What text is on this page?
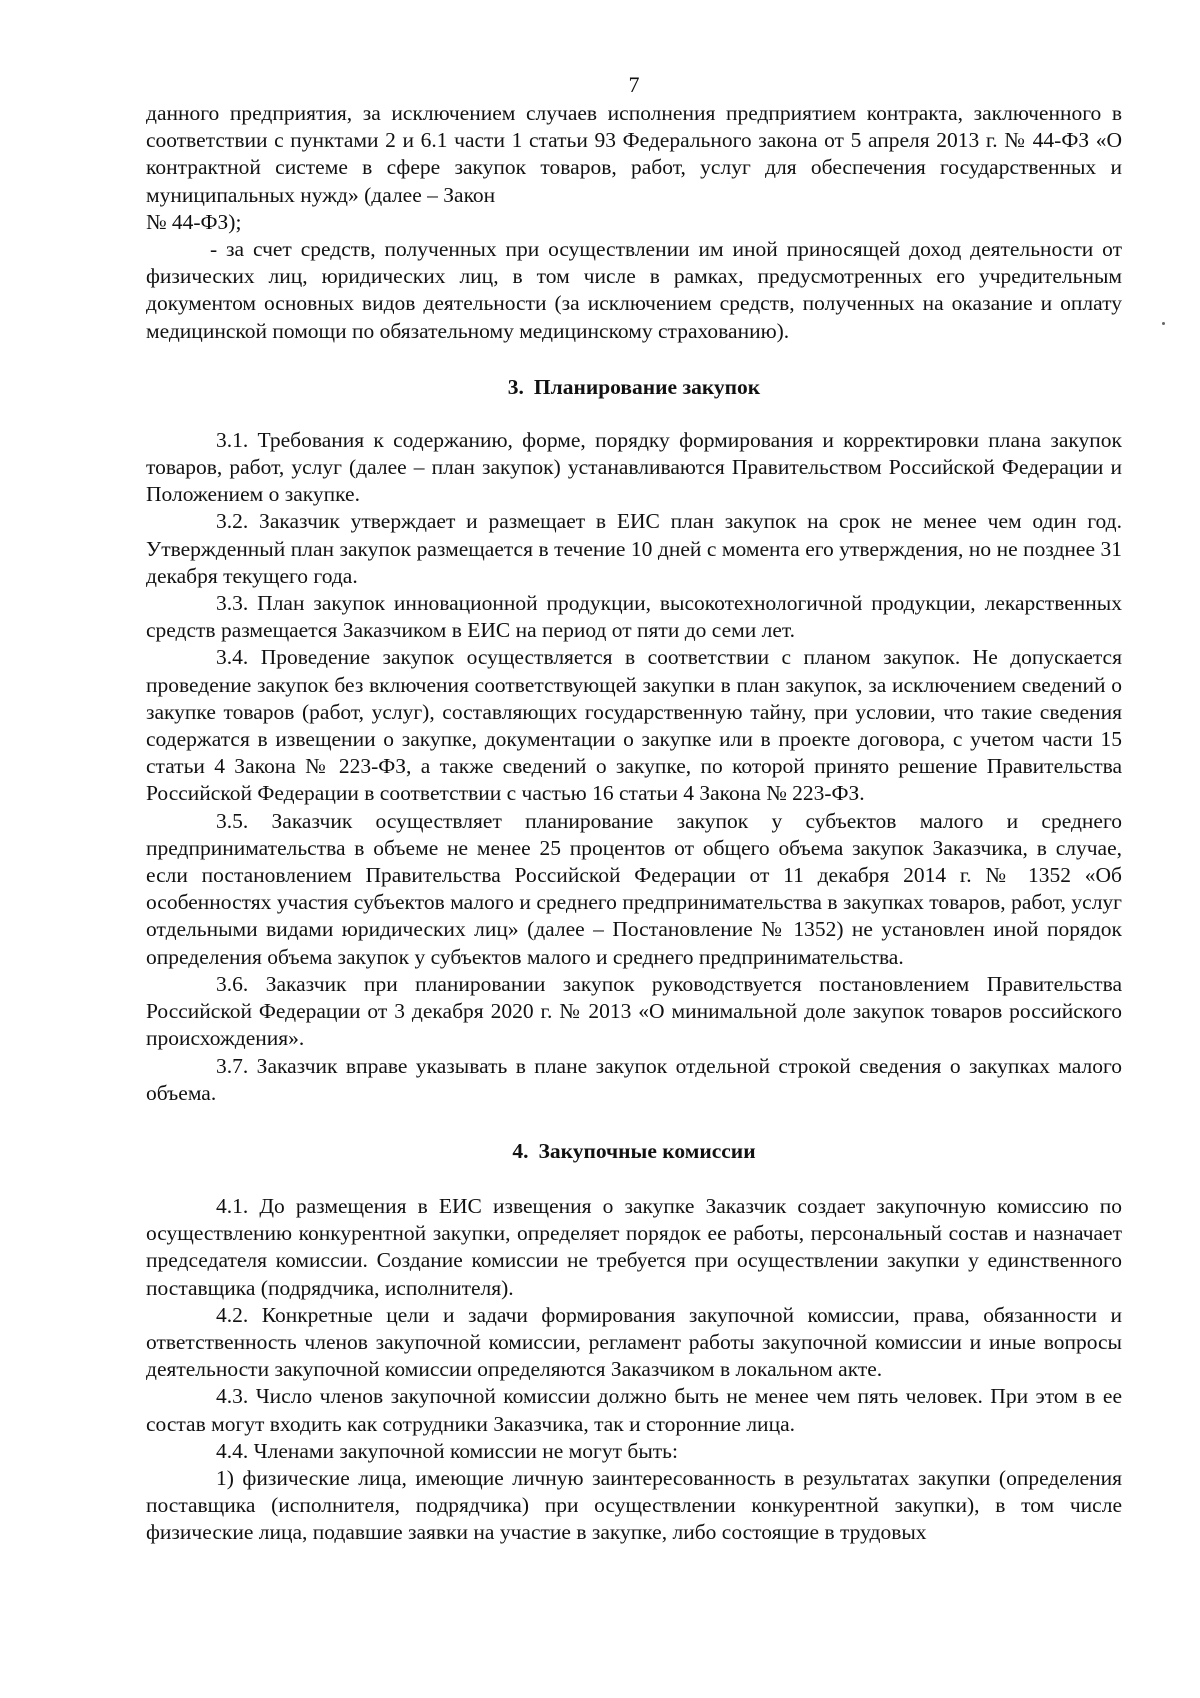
7

данного предприятия, за исключением случаев исполнения предприятием контракта, заключенного в соответствии с пунктами 2 и 6.1 части 1 статьи 93 Федерального закона от 5 апреля 2013 г. № 44-ФЗ «О контрактной системе в сфере закупок товаров, работ, услуг для обеспечения государственных и муниципальных нужд» (далее – Закон

№ 44-ФЗ);

- за счет средств, полученных при осуществлении им иной приносящей доход деятельности от физических лиц, юридических лиц, в том числе в рамках, предусмотренных его учредительным документом основных видов деятельности (за исключением средств, полученных на оказание и оплату медицинской помощи по обязательному медицинскому страхованию).

3. Планирование закупок

3.1. Требования к содержанию, форме, порядку формирования и корректировки плана закупок товаров, работ, услуг (далее – план закупок) устанавливаются Правительством Российской Федерации и Положением о закупке.

3.2. Заказчик утверждает и размещает в ЕИС план закупок на срок не менее чем один год. Утвержденный план закупок размещается в течение 10 дней с момента его утверждения, но не позднее 31 декабря текущего года.

3.3. План закупок инновационной продукции, высокотехнологичной продукции, лекарственных средств размещается Заказчиком в ЕИС на период от пяти до семи лет.

3.4. Проведение закупок осуществляется в соответствии с планом закупок. Не допускается проведение закупок без включения соответствующей закупки в план закупок, за исключением сведений о закупке товаров (работ, услуг), составляющих государственную тайну, при условии, что такие сведения содержатся в извещении о закупке, документации о закупке или в проекте договора, с учетом части 15 статьи 4 Закона № 223-ФЗ, а также сведений о закупке, по которой принято решение Правительства Российской Федерации в соответствии с частью 16 статьи 4 Закона № 223-ФЗ.

3.5. Заказчик осуществляет планирование закупок у субъектов малого и среднего предпринимательства в объеме не менее 25 процентов от общего объема закупок Заказчика, в случае, если постановлением Правительства Российской Федерации от 11 декабря 2014 г. № 1352 «Об особенностях участия субъектов малого и среднего предпринимательства в закупках товаров, работ, услуг отдельными видами юридических лиц» (далее – Постановление № 1352) не установлен иной порядок определения объема закупок у субъектов малого и среднего предпринимательства.

3.6. Заказчик при планировании закупок руководствуется постановлением Правительства Российской Федерации от 3 декабря 2020 г. № 2013 «О минимальной доле закупок товаров российского происхождения».

3.7. Заказчик вправе указывать в плане закупок отдельной строкой сведения о закупках малого объема.

4. Закупочные комиссии

4.1. До размещения в ЕИС извещения о закупке Заказчик создает закупочную комиссию по осуществлению конкурентной закупки, определяет порядок ее работы, персональный состав и назначает председателя комиссии. Создание комиссии не требуется при осуществлении закупки у единственного поставщика (подрядчика, исполнителя).

4.2. Конкретные цели и задачи формирования закупочной комиссии, права, обязанности и ответственность членов закупочной комиссии, регламент работы закупочной комиссии и иные вопросы деятельности закупочной комиссии определяются Заказчиком в локальном акте.

4.3. Число членов закупочной комиссии должно быть не менее чем пять человек. При этом в ее состав могут входить как сотрудники Заказчика, так и сторонние лица.

4.4. Членами закупочной комиссии не могут быть:

1) физические лица, имеющие личную заинтересованность в результатах закупки (определения поставщика (исполнителя, подрядчика) при осуществлении конкурентной закупки), в том числе физические лица, подавшие заявки на участие в закупке, либо состоящие в трудовых
